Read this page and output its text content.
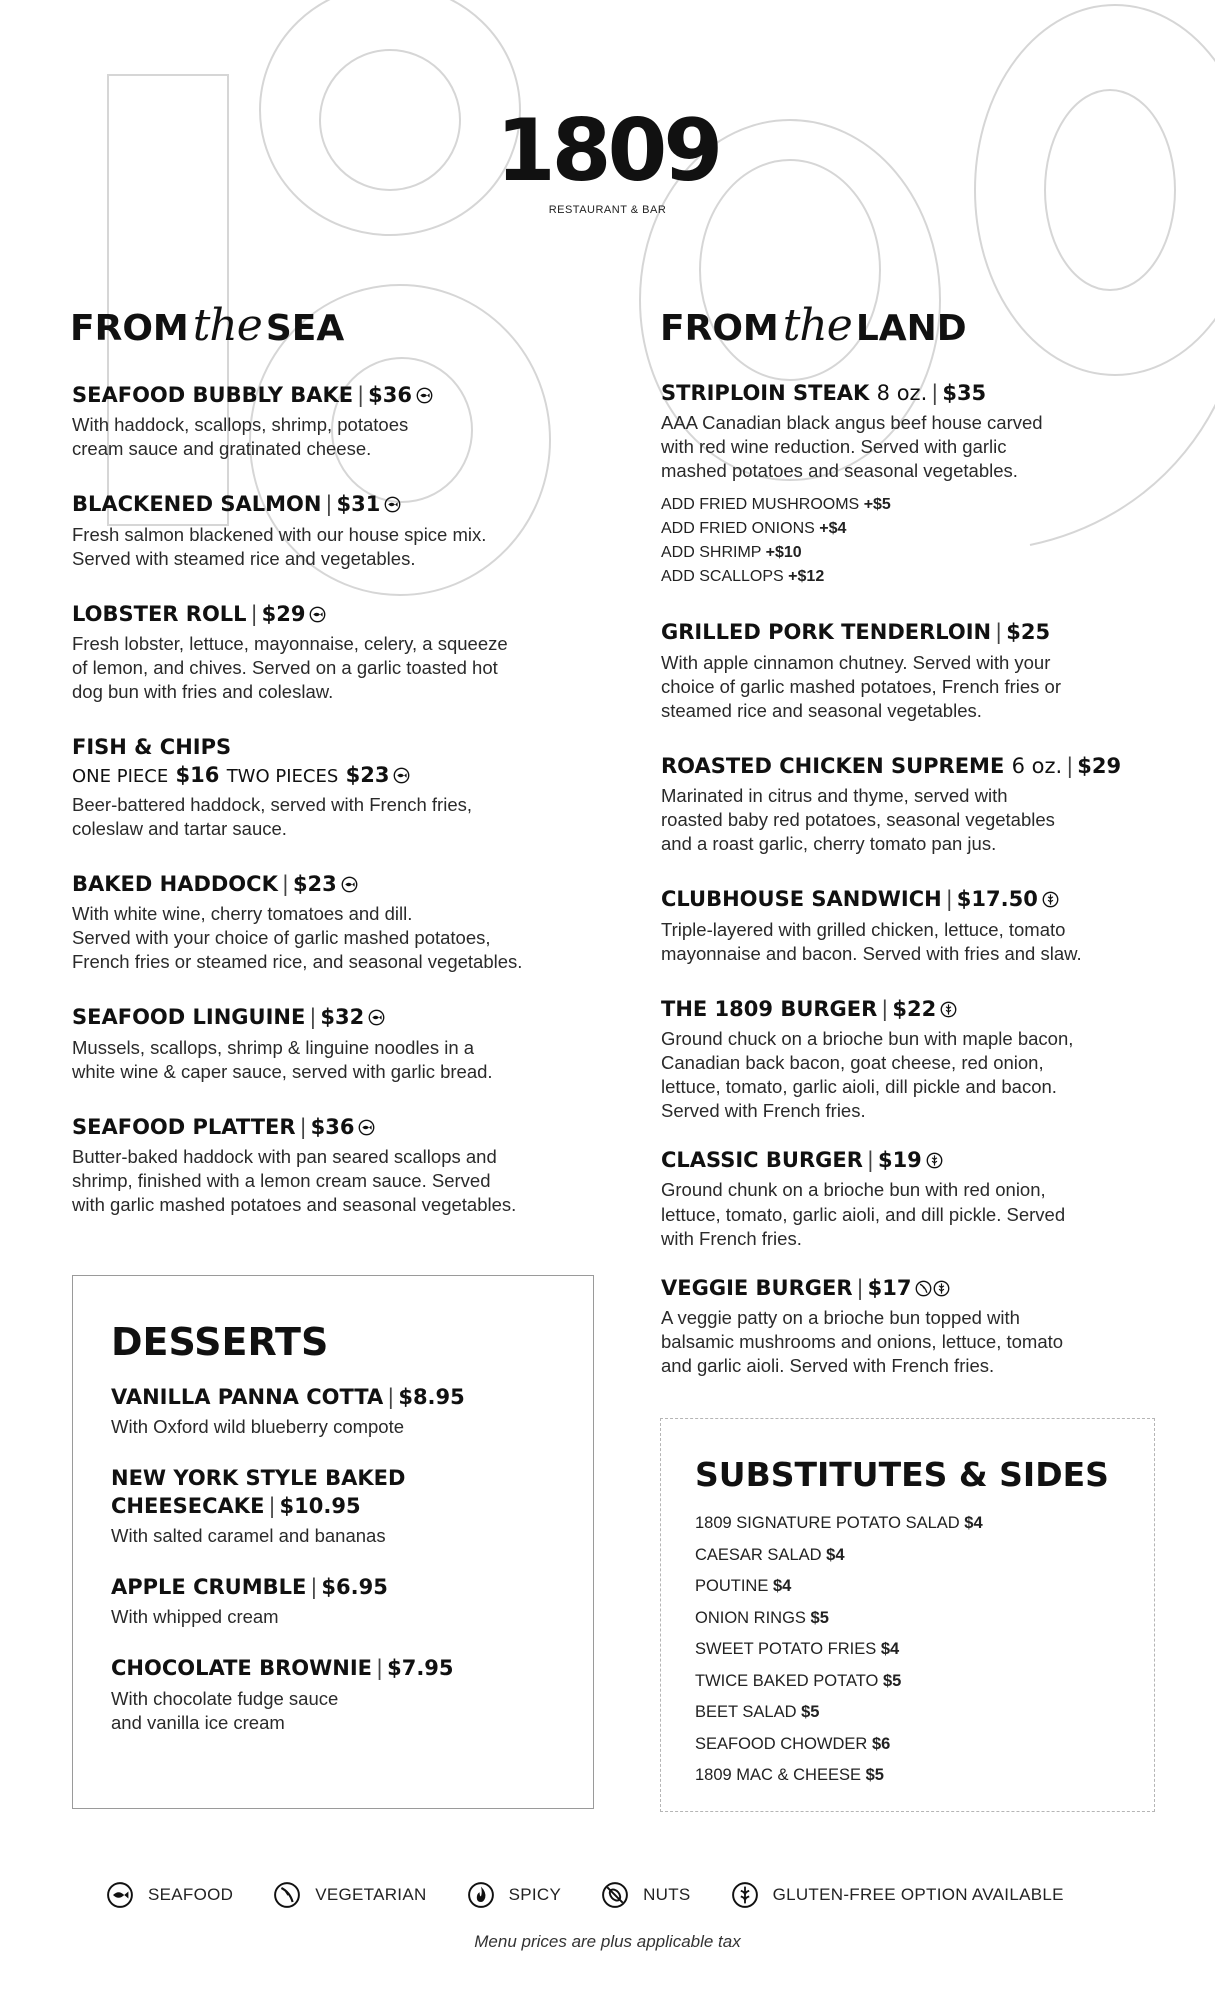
1809
RESTAURANT & BAR
FROMthe SEA	FROMthe LAND
SEAFOOD BUBBLY BAKE | $36
With haddock, scallops, shrimp, potatoes
cream sauce and gratinated cheese.
BLACKENED SALMON | $31
Fresh salmon blackened with our house spice mix.
Served with steamed rice and vegetables.
LOBSTER ROLL | $29
Fresh lobster, lettuce, mayonnaise, celery, a squeeze
of lemon, and chives. Served on a garlic toasted hot
dog bun with fries and coleslaw.
FISH & CHIPS
ONE PIECE $16 TWO PIECES $23
Beer-battered haddock, served with French fries,
coleslaw and tartar sauce.
BAKED HADDOCK | $23
With white wine, cherry tomatoes and dill.
Served with your choice of garlic mashed potatoes,
French fries or steamed rice, and seasonal vegetables.
SEAFOOD LINGUINE | $32
Mussels, scallops, shrimp & linguine noodles in a
white wine & caper sauce, served with garlic bread.
SEAFOOD PLATTER | $36
Butter-baked haddock with pan seared scallops and
shrimp, finished with a lemon cream sauce. Served
with garlic mashed potatoes and seasonal vegetables.
STRIPLOIN STEAK 8 oz. | $35
AAA Canadian black angus beef house carved
with red wine reduction. Served with garlic
mashed potatoes and seasonal vegetables.
ADD FRIED MUSHROOMS +$5
ADD FRIED ONIONS +$4
ADD SHRIMP +$10
ADD SCALLOPS +$12
GRILLED PORK TENDERLOIN | $25
With apple cinnamon chutney. Served with your
choice of garlic mashed potatoes, French fries or
steamed rice and seasonal vegetables.
ROASTED CHICKEN SUPREME 6 oz. | $29
Marinated in citrus and thyme, served with
roasted baby red potatoes, seasonal vegetables
and a roast garlic, cherry tomato pan jus.
CLUBHOUSE SANDWICH | $17.50
Triple-layered with grilled chicken, lettuce, tomato
mayonnaise and bacon. Served with fries and slaw.
THE 1809 BURGER | $22
Ground chuck on a brioche bun with maple bacon,
Canadian back bacon, goat cheese, red onion,
lettuce, tomato, garlic aioli, dill pickle and bacon.
Served with French fries.
CLASSIC BURGER | $19
Ground chunk on a brioche bun with red onion,
lettuce, tomato, garlic aioli, and dill pickle. Served
with French fries.
VEGGIE BURGER | $17
A veggie patty on a brioche bun topped with
balsamic mushrooms and onions, lettuce, tomato
and garlic aioli. Served with French fries.
DESSERTS
VANILLA PANNA COTTA | $8.95
With Oxford wild blueberry compote
NEW YORK STYLE BAKED CHEESECAKE | $10.95
With salted caramel and bananas
APPLE CRUMBLE | $6.95
With whipped cream
CHOCOLATE BROWNIE | $7.95
With chocolate fudge sauce
and vanilla ice cream
SUBSTITUTES & SIDES
1809 SIGNATURE POTATO SALAD $4
CAESAR SALAD $4
POUTINE $4
ONION RINGS $5
SWEET POTATO FRIES $4
TWICE BAKED POTATO $5
BEET SALAD $5
SEAFOOD CHOWDER $6
1809 MAC & CHEESE $5
SEAFOOD	VEGETARIAN	SPICY	NUTS	GLUTEN-FREE OPTION AVAILABLE
Menu prices are plus applicable tax
